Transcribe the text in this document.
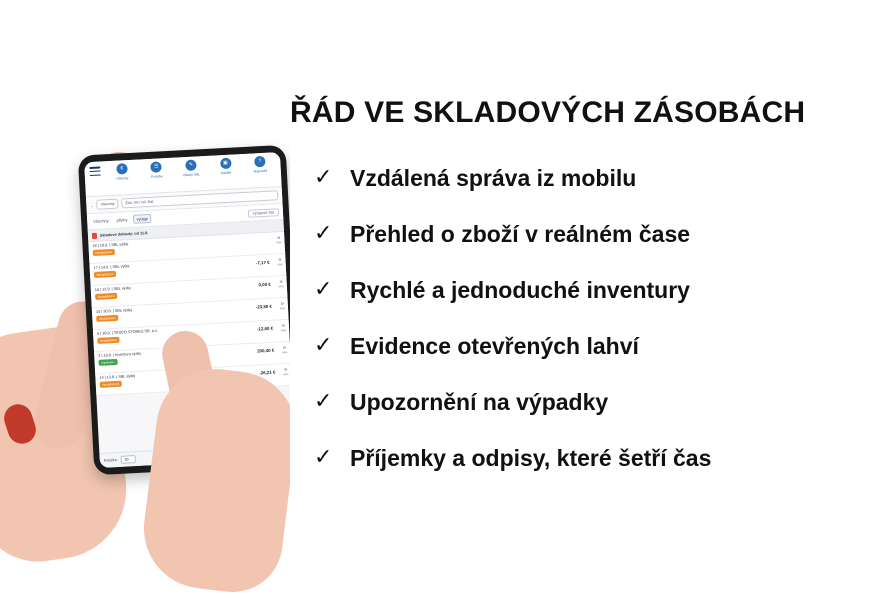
€
Účtenky
☰
Položky
✎
Vklady SBL
▣
Náhled
?
Nápověd
⌄	Všechny	Čísl. VS / ref. čísl.
Všechny	příjmy	výdaje
Výdajové SBL
Skladové doklady: od 11.8.
18 | 19.8. | SBL výdej
Nezaplaceno
»
Více
17 | 14.8. | SBL výdej
Nezaplaceno
-7,17 € »
Více
16 | 13.9. | SBL výdej
Nezaplaceno
0,00 € »
Více
15 | 30.8. | SBL výdej
Nezaplaceno
-23,50 € »
Více
6 | 30.8. | TESCO STORES SR, a.s.
Nezaplaceno
-12,60 € »
Více
2 | 19.8. | Inventura výdej
Zaplaceno
200,40 € »
Více
14 | 13.8. | SBL výdej
Nezaplaceno
-26,21 € »
Více
Položka:	30
ŘÁD VE SKLADOVÝCH ZÁSOBÁCH
✓ Vzdálená správa iz mobilu
✓ Přehled o zboží v reálném čase
✓ Rychlé a jednoduché inventury
✓ Evidence otevřených lahví
✓ Upozornění na výpadky
✓ Příjemky a odpisy, které šetří čas
